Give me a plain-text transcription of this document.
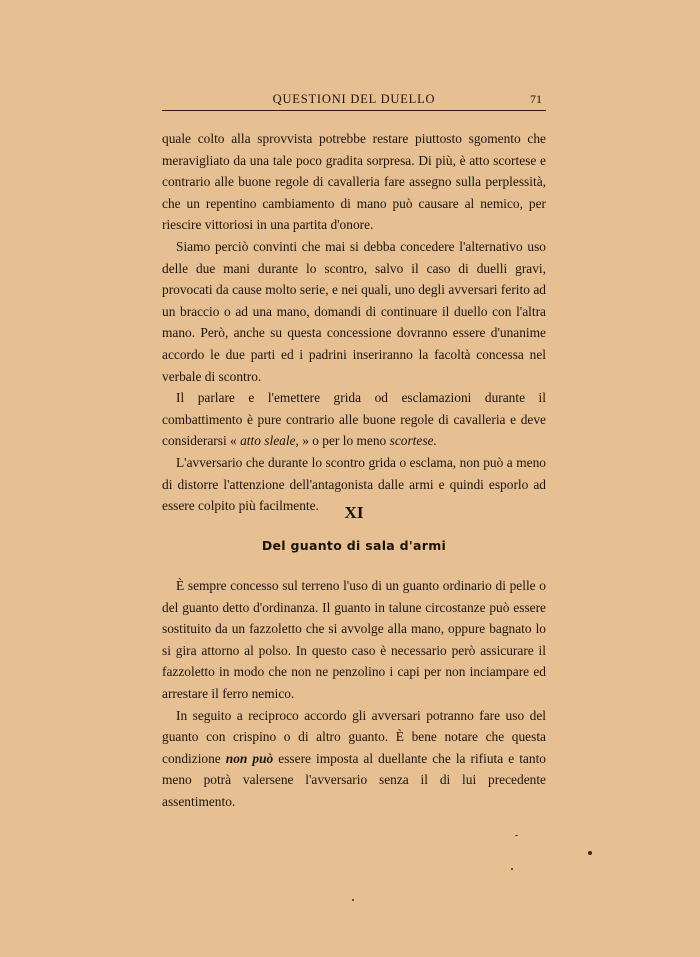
QUESTIONI DEL DUELLO	71

quale colto alla sprovvista potrebbe restare piuttosto sgomento che meravigliato da una tale poco gradita sorpresa. Di più, è atto scortese e contrario alle buone regole di cavalleria fare assegno sulla perplessità, che un repentino cambiamento di mano può causare al nemico, per riescire vittoriosi in una partita d'onore.

Siamo perciò convinti che mai si debba concedere l'alternativo uso delle due mani durante lo scontro, salvo il caso di duelli gravi, provocati da cause molto serie, e nei quali, uno degli avversari ferito ad un braccio o ad una mano, domandi di continuare il duello con l'altra mano. Però, anche su questa concessione dovranno essere d'unanime accordo le due parti ed i padrini inseriranno la facoltà concessa nel verbale di scontro.

Il parlare e l'emettere grida od esclamazioni durante il combattimento è pure contrario alle buone regole di cavalleria e deve considerarsi « atto sleale, » o per lo meno scortese.

L'avversario che durante lo scontro grida o esclama, non può a meno di distorre l'attenzione dell'antagonista dalle armi e quindi esporlo ad essere colpito più facilmente.	XI
Del guanto di sala d'armi

È sempre concesso sul terreno l'uso di un guanto ordinario di pelle o del guanto detto d'ordinanza. Il guanto in talune circostanze può essere sostituito da un fazzoletto che si avvolge alla mano, oppure bagnato lo si gira attorno al polso. In questo caso è necessario però assicurare il fazzoletto in modo che non ne penzolino i capi per non inciampare ed arrestare il ferro nemico.

In seguito a reciproco accordo gli avversari potranno fare uso del guanto con crispino o di altro guanto. È bene notare che questa condizione non può essere imposta al duellante che la rifiuta e tanto meno potrà valersene l'avversario senza il di lui precedente assentimento.
